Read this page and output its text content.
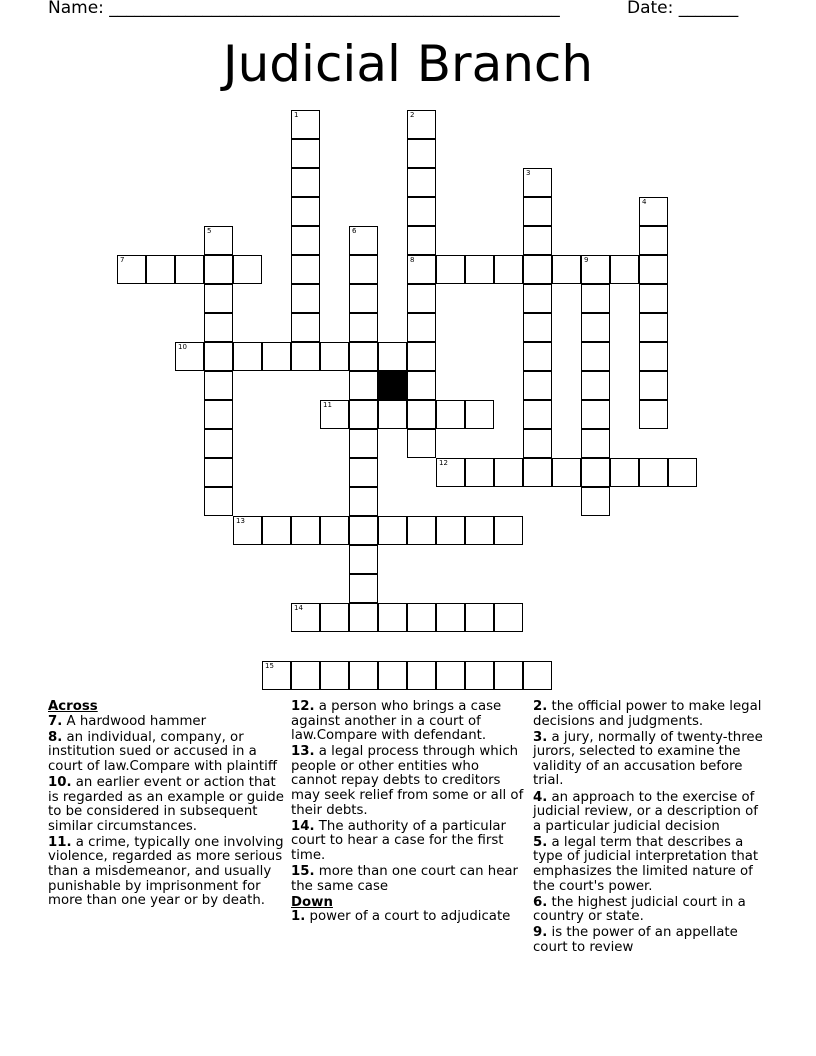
Name: _____________________________________________________	Date: _______
Judicial Branch
1	2
8
3
4
5	6
7	9
10
11
12
13
14
15
Across
7. A hardwood hammer
8. an individual, company, or institution sued or accused in a court of law.Compare with plaintiff
10. an earlier event or action that is regarded as an example or guide to be considered in subsequent similar circumstances.
11. a crime, typically one involving violence, regarded as more serious than a misdemeanor, and usually punishable by imprisonment for more than one year or by death.
12. a person who brings a case against another in a court of law.Compare with defendant.
13. a legal process through which people or other entities who cannot repay debts to creditors may seek relief from some or all of their debts.
14. The authority of a particular court to hear a case for the first time.
15. more than one court can hear the same case
Down
1. power of a court to adjudicate
2. the official power to make legal decisions and judgments.
3. a jury, normally of twenty-three jurors, selected to examine the validity of an accusation before trial.
4. an approach to the exercise of judicial review, or a description of a particular judicial decision
5. a legal term that describes a type of judicial interpretation that emphasizes the limited nature of the court's power.
6. the highest judicial court in a country or state.
9. is the power of an appellate court to review
